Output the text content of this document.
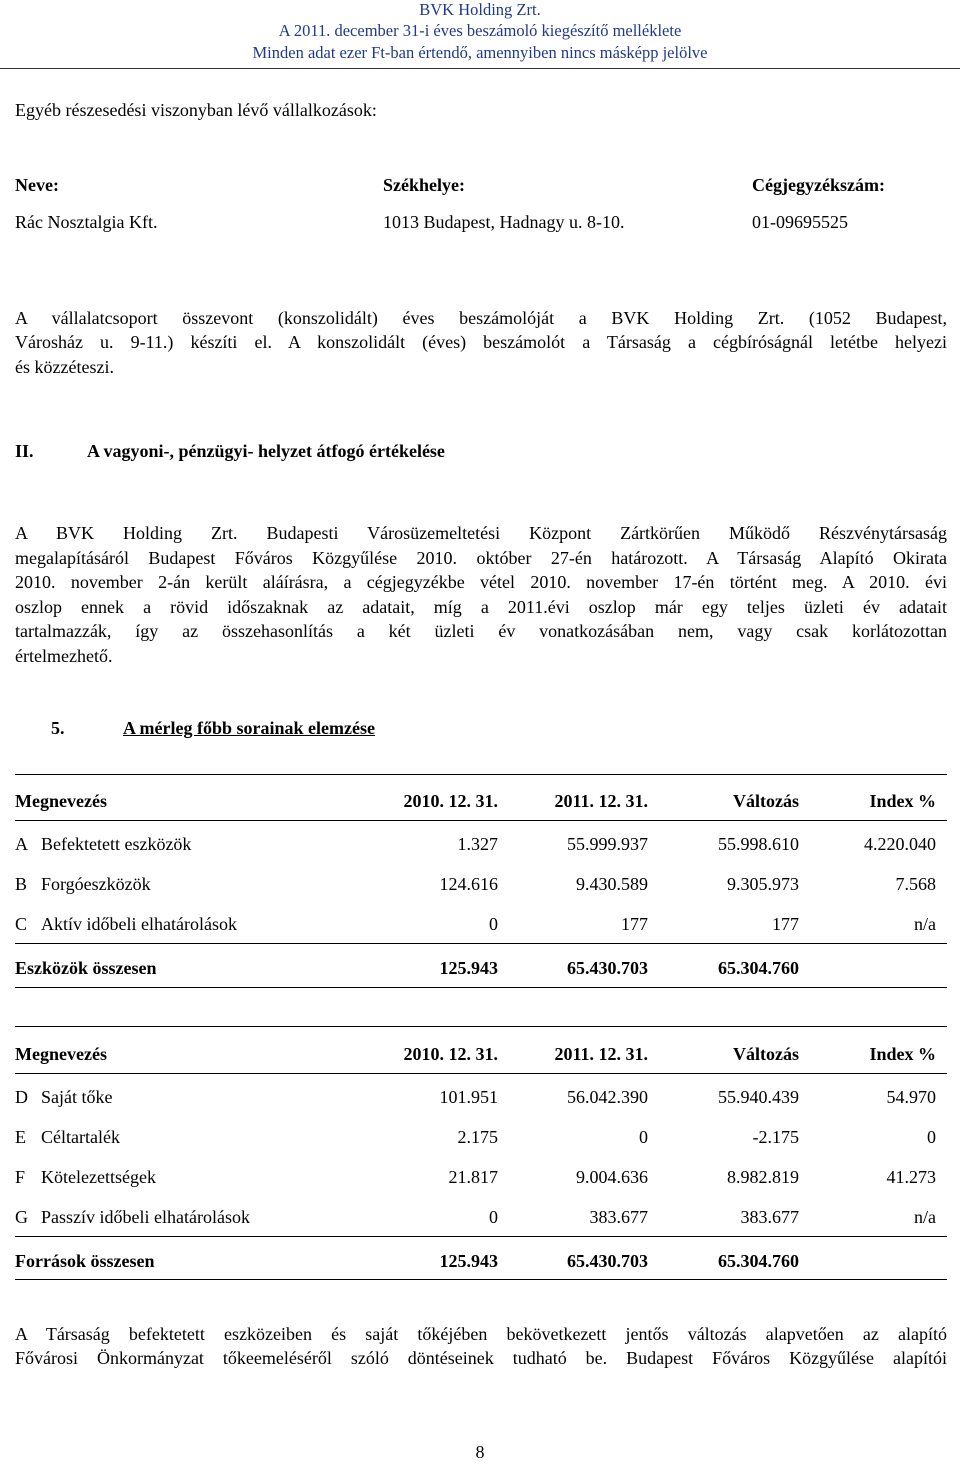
BVK Holding Zrt.
A 2011. december 31-i éves beszámoló kiegészítő melléklete
Minden adat ezer Ft-ban értendő, amennyiben nincs másképp jelölve
Egyéb részesedési viszonyban lévő vállalkozások:
Neve:	Székhelye:	Cégjegyzékszám:
Rác Nosztalgia Kft.	1013 Budapest, Hadnagy u. 8-10.	01-09695525
A vállalatcsoport összevont (konszolidált) éves beszámolóját a BVK Holding Zrt. (1052 Budapest,
Városház u. 9-11.) készíti el. A konszolidált (éves) beszámolót a Társaság a cégbíróságnál letétbe helyezi
és közzéteszi.
II.	A vagyoni-, pénzügyi- helyzet átfogó értékelése
A BVK Holding Zrt. Budapesti Városüzemeltetési Központ Zártkörűen Működő Részvénytársaság
megalapításáról Budapest Főváros Közgyűlése 2010. október 27-én határozott. A Társaság Alapító Okirata
2010. november 2-án került aláírásra, a cégjegyzékbe vétel 2010. november 17-én történt meg. A 2010. évi
oszlop ennek a rövid időszaknak az adatait, míg a 2011.évi oszlop már egy teljes üzleti év adatait
tartalmazzák, így az összehasonlítás a két üzleti év vonatkozásában nem, vagy csak korlátozottan
értelmezhető.
5.	A mérleg főbb sorainak elemzése
Megnevezés	2010. 12. 31.	2011. 12. 31.	Változás	Index %
A Befektetett eszközök	1.327	55.999.937	55.998.610	4.220.040
B Forgóeszközök	124.616	9.430.589	9.305.973	7.568
C Aktív időbeli elhatárolások	0	177	177	n/a
Eszközök összesen	125.943	65.430.703	65.304.760
Megnevezés	2010. 12. 31.	2011. 12. 31.	Változás	Index %
D Saját tőke	101.951	56.042.390	55.940.439	54.970
E Céltartalék	2.175	0	-2.175	0
F Kötelezettségek	21.817	9.004.636	8.982.819	41.273
G Passzív időbeli elhatárolások	0	383.677	383.677	n/a
Források összesen	125.943	65.430.703	65.304.760
A Társaság befektetett eszközeiben és saját tőkéjében bekövetkezett jentős változás alapvetően az alapító
Fővárosi Önkormányzat tőkeemeléséről szóló döntéseinek tudható be. Budapest Főváros Közgyűlése alapítói
8
